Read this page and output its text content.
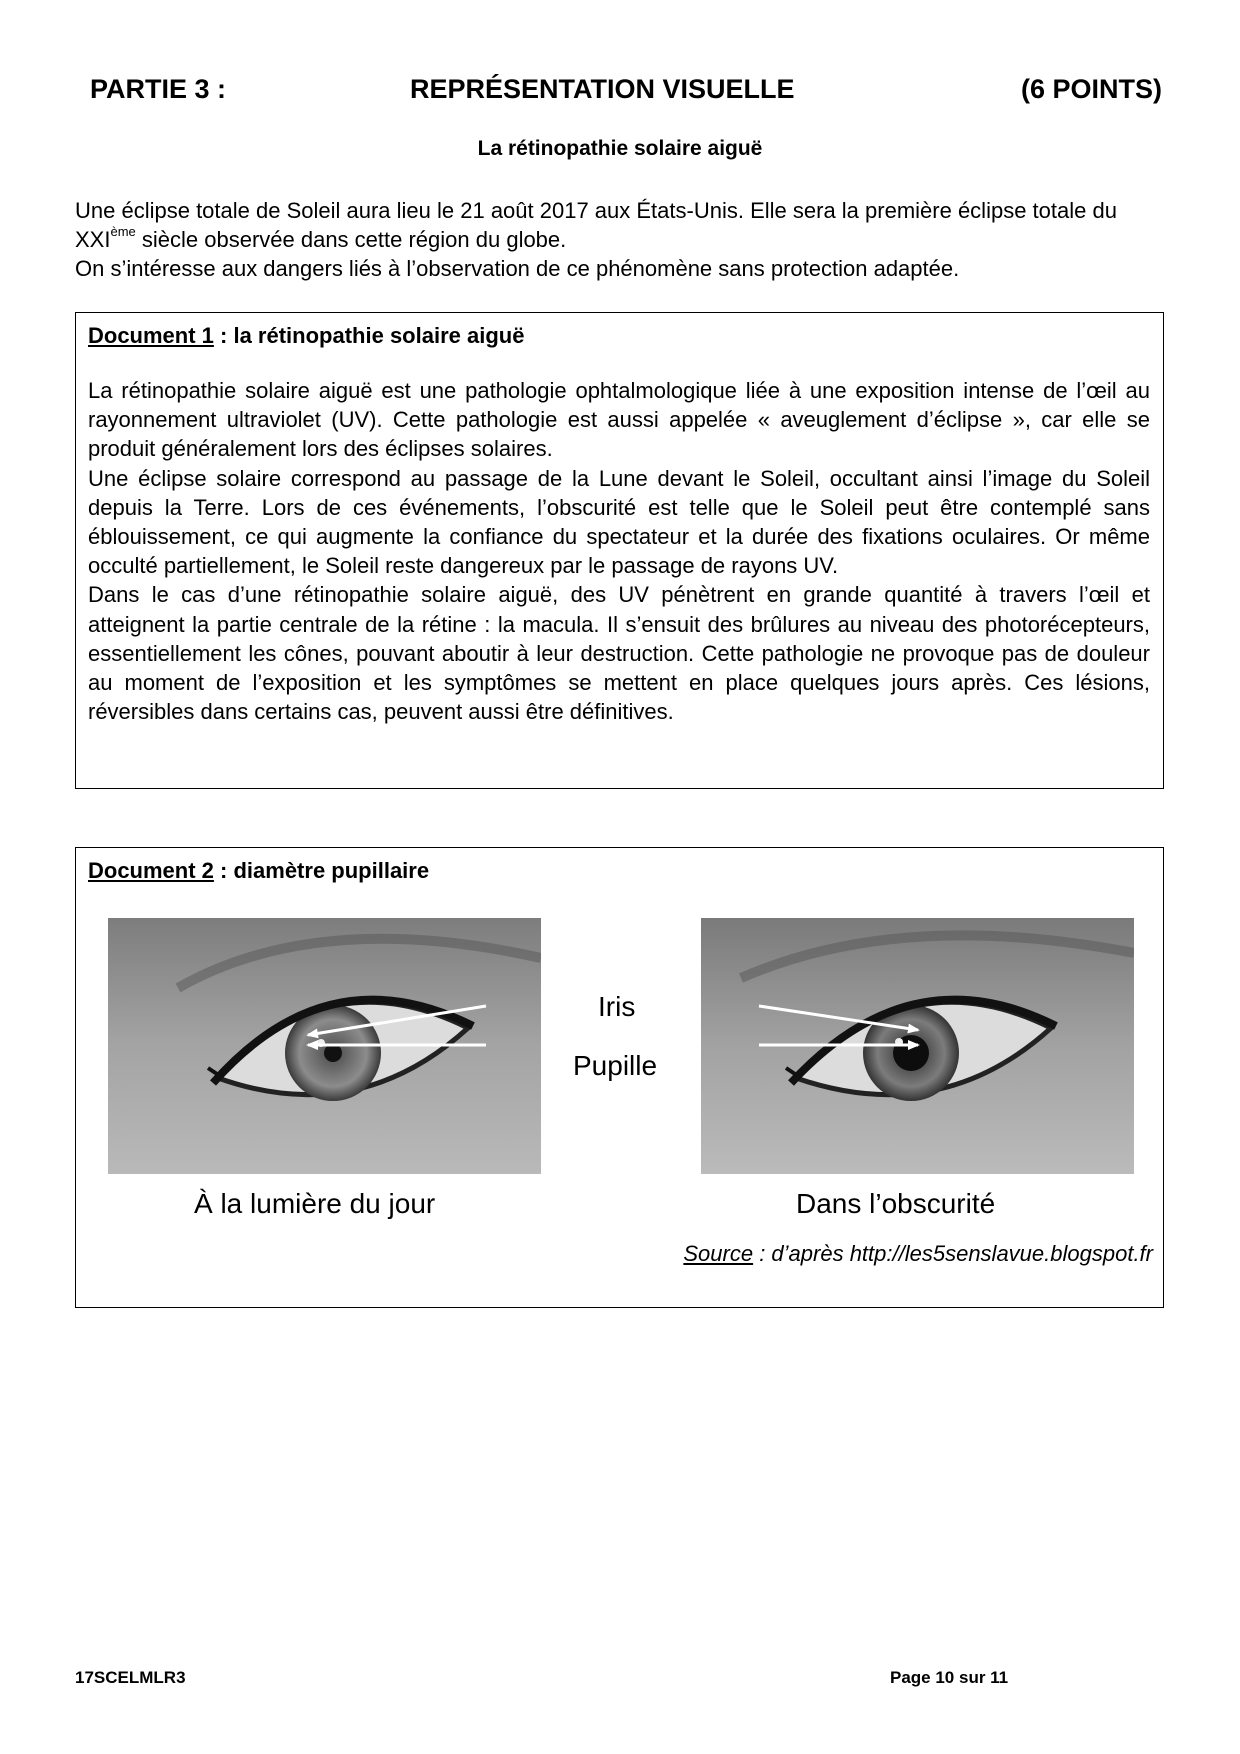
PARTIE 3 :	REPRÉSENTATION VISUELLE	(6 POINTS)
La rétinopathie solaire aiguë

Une éclipse totale de Soleil aura lieu le 21 août 2017 aux États-Unis. Elle sera la première éclipse totale du XXIème siècle observée dans cette région du globe.

On s’intéresse aux dangers liés à l’observation de ce phénomène sans protection adaptée.

Document 1 : la rétinopathie solaire aiguë

La rétinopathie solaire aiguë est une pathologie ophtalmologique liée à une exposition intense de l’œil au rayonnement ultraviolet (UV). Cette pathologie est aussi appelée « aveuglement d’éclipse », car elle se produit généralement lors des éclipses solaires.

Une éclipse solaire correspond au passage de la Lune devant le Soleil, occultant ainsi l’image du Soleil depuis la Terre. Lors de ces événements, l’obscurité est telle que le Soleil peut être contemplé sans éblouissement, ce qui augmente la confiance du spectateur et la durée des fixations oculaires. Or même occulté partiellement, le Soleil reste dangereux par le passage de rayons UV.

Dans le cas d’une rétinopathie solaire aiguë, des UV pénètrent en grande quantité à travers l’œil et atteignent la partie centrale de la rétine : la macula. Il s’ensuit des brûlures au niveau des photorécepteurs, essentiellement les cônes, pouvant aboutir à leur destruction. Cette pathologie ne provoque pas de douleur au moment de l’exposition et les symptômes se mettent en place quelques jours après. Ces lésions, réversibles dans certains cas, peuvent aussi être définitives.

Document 2 : diamètre pupillaire
Iris
Pupille
À la lumière du jour	Dans l’obscurité
Source : d’après http://les5senslavue.blogspot.fr
17SCELMLR3	Page 10 sur 11
